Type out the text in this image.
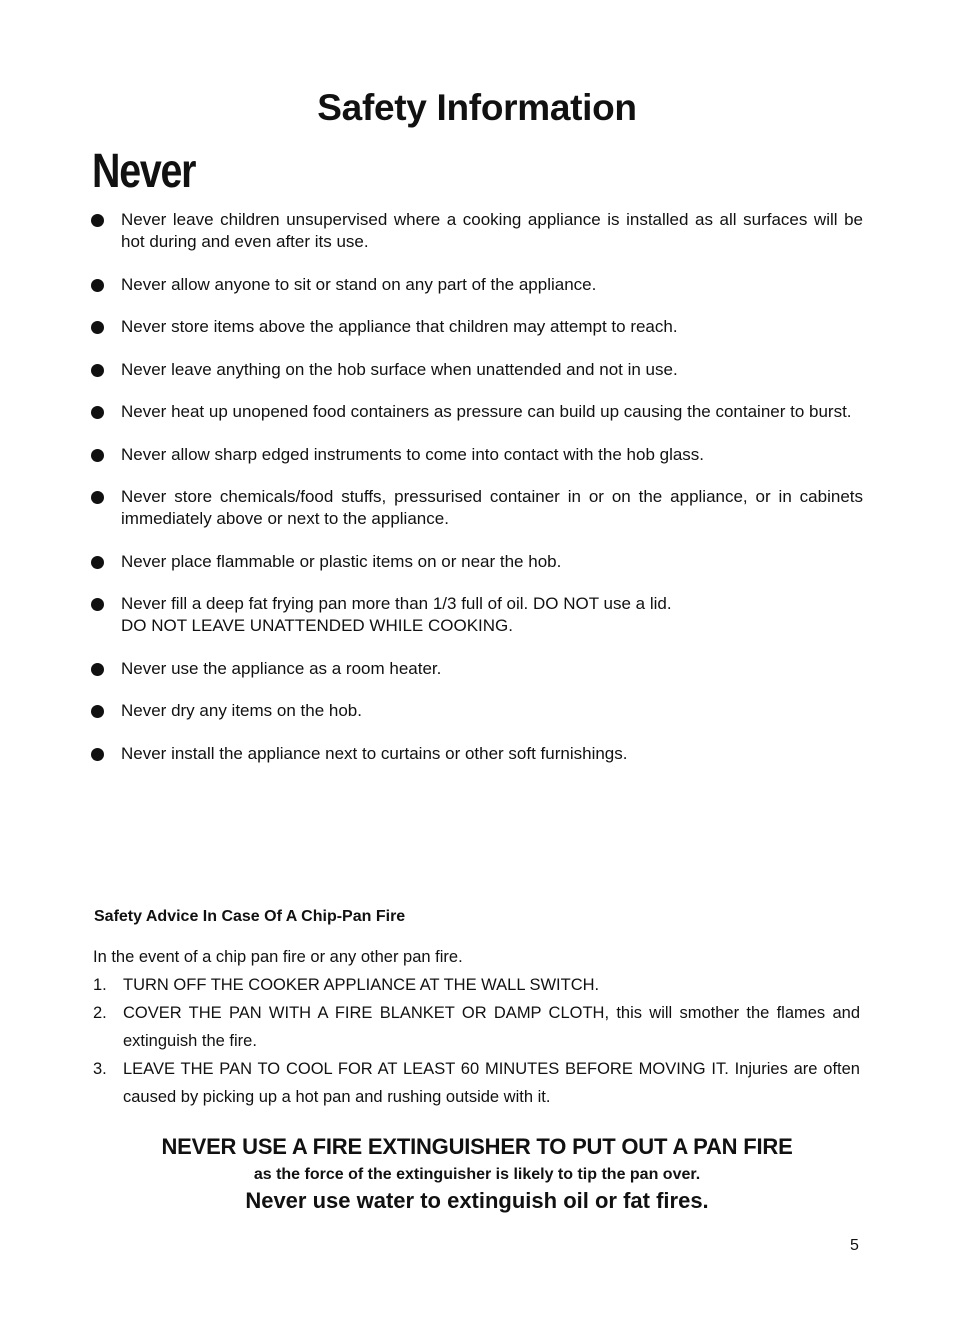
Safety Information
Never
Never leave children unsupervised where a cooking appliance is installed as all surfaces will be hot during and even after its use.
Never allow anyone to sit or stand on any part of the appliance.
Never store items above the appliance that children may attempt to reach.
Never leave anything on the hob surface when unattended and not in use.
Never heat up unopened food containers as pressure can build up causing the container to burst.
Never allow sharp edged instruments to come into contact with the hob glass.
Never store chemicals/food stuffs, pressurised container in or on the appliance, or in cabinets immediately above or next to the appliance.
Never place flammable or plastic items on or near the hob.
Never fill a deep fat frying pan more than 1/3 full of oil. DO NOT use a lid.
DO NOT LEAVE UNATTENDED WHILE COOKING.
Never use the appliance as a room heater.
Never dry any items on the hob.
Never install the appliance next to curtains or other soft furnishings.
Safety Advice In Case Of A Chip-Pan Fire

In the event of a chip pan fire or any other pan fire.

1. TURN OFF THE COOKER APPLIANCE AT THE WALL SWITCH.
2. COVER THE PAN WITH A FIRE BLANKET OR DAMP CLOTH, this will smother the flames and extinguish the fire.
3. LEAVE THE PAN TO COOL FOR AT LEAST 60 MINUTES BEFORE MOVING IT. Injuries are often caused by picking up a hot pan and rushing outside with it.
NEVER USE A FIRE EXTINGUISHER TO PUT OUT A PAN FIRE
as the force of the extinguisher is likely to tip the pan over.
Never use water to extinguish oil or fat fires.
5
